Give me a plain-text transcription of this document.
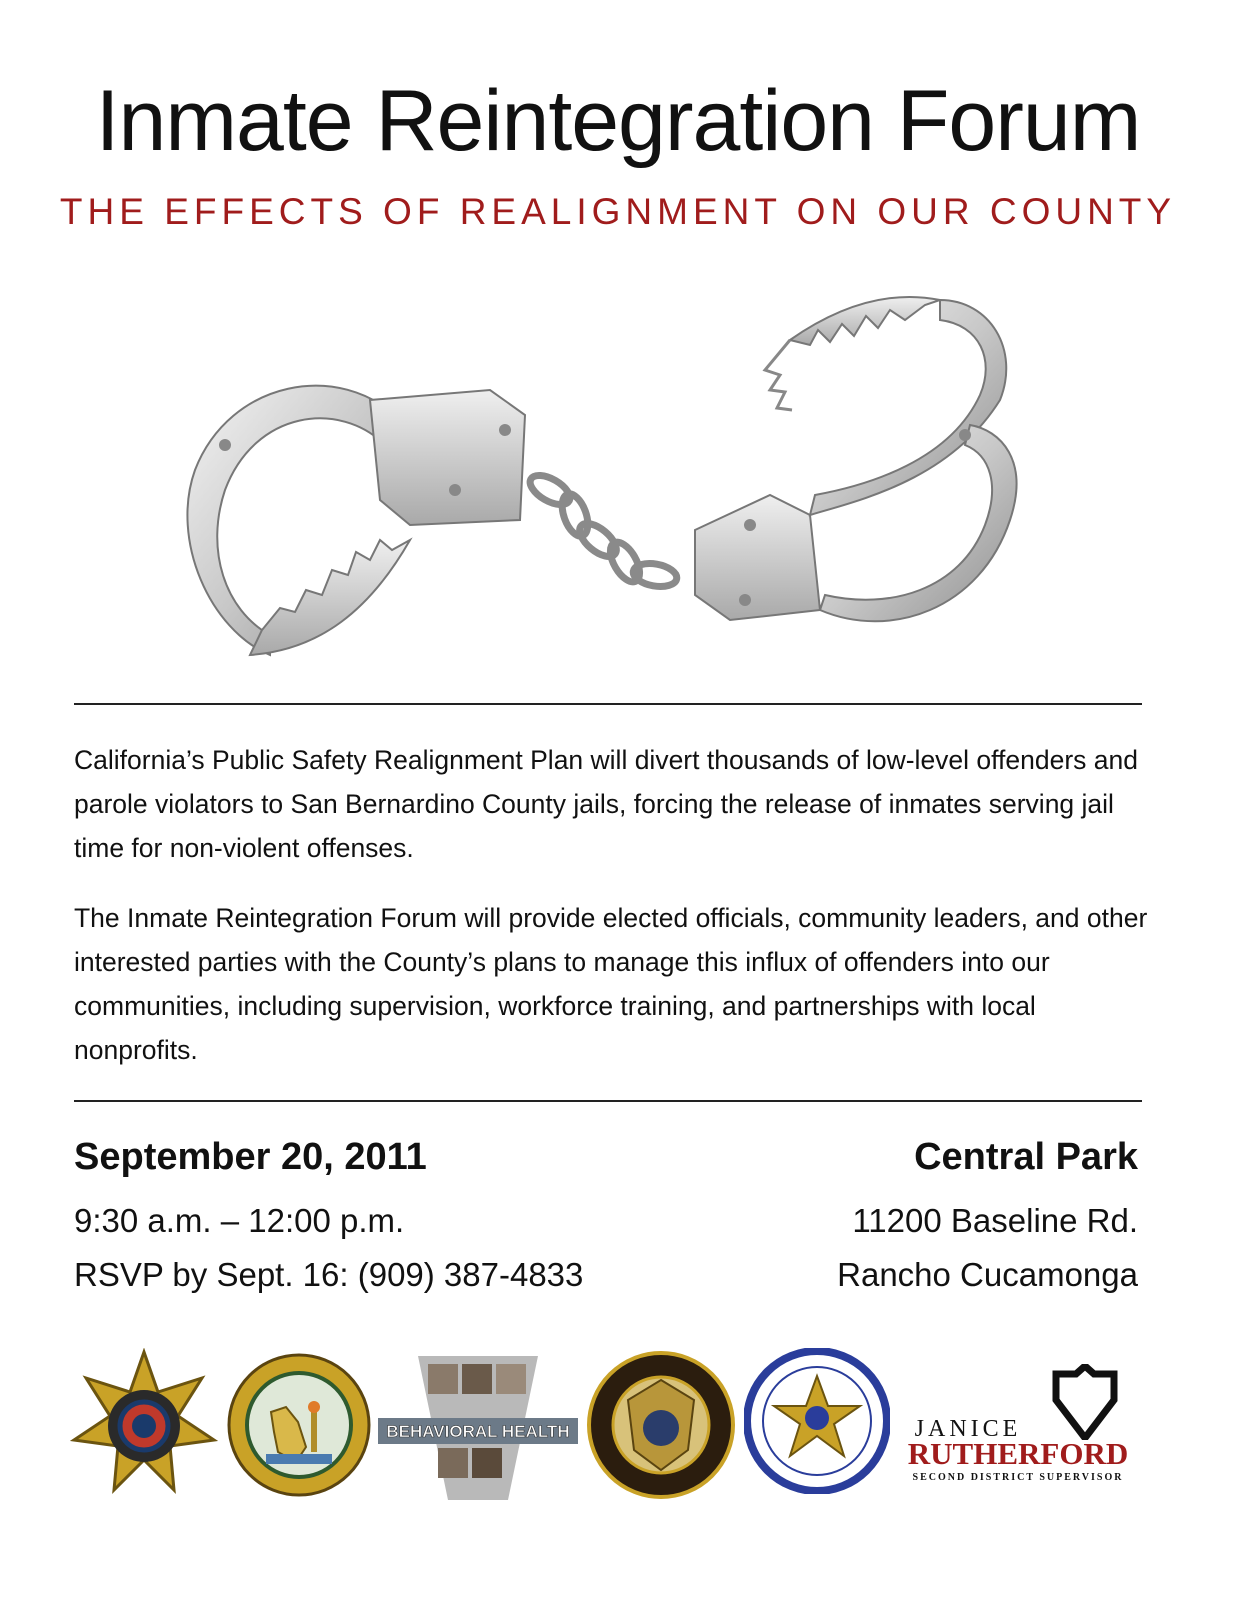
Inmate Reintegration Forum
THE EFFECTS OF REALIGNMENT ON OUR COUNTY
California’s Public Safety Realignment Plan will divert thousands of low-level offenders and parole violators to San Bernardino County jails, forcing the release of inmates serving jail time for non-violent offenses.
The Inmate Reintegration Forum will provide elected officials, community leaders, and other interested parties with the County’s plans to manage this influx of offenders into our communities, including supervision, workforce training, and partnerships with local nonprofits.
September 20, 2011
9:30 a.m. – 12:00 p.m.
RSVP by Sept. 16: (909) 387-4833
Central Park
11200 Baseline Rd.
Rancho Cucamonga
BEHAVIORAL HEALTH	JANICE
RUTHERFORD
SECOND DISTRICT SUPERVISOR
